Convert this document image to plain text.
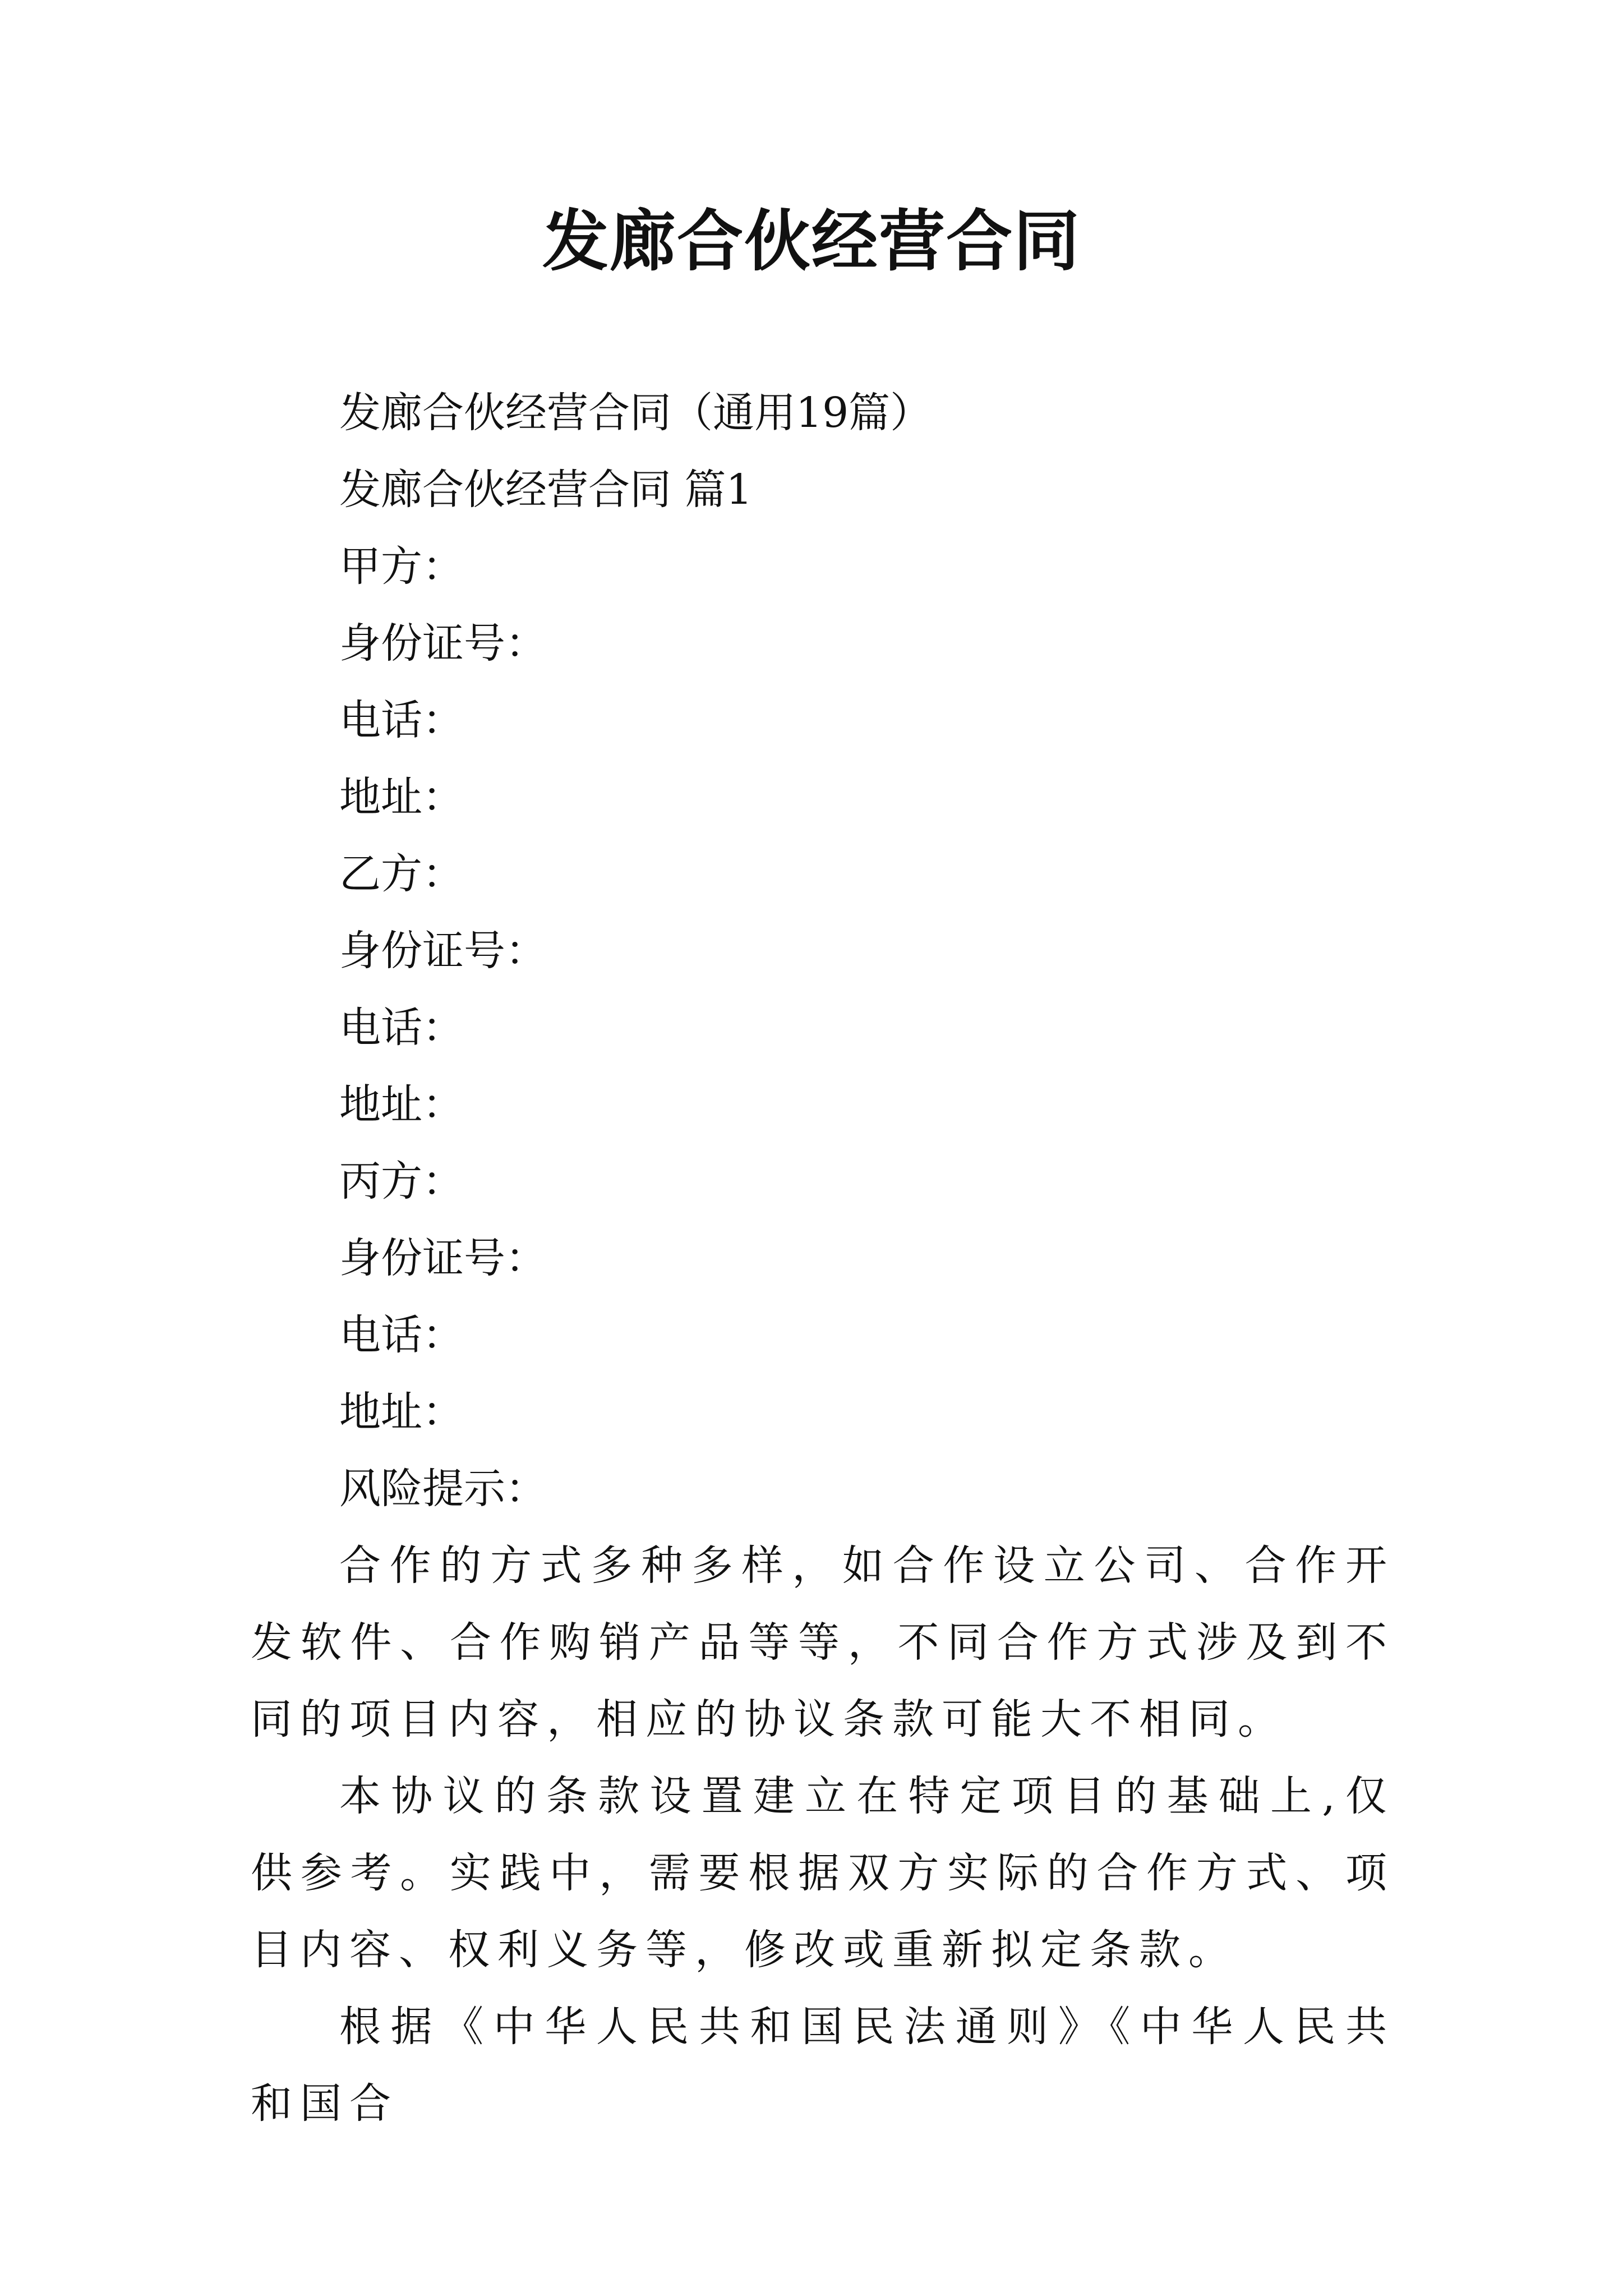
发廊合伙经营合同

发廊合伙经营合同（通用19篇）

发廊合伙经营合同 篇1

甲方：

身份证号：

电话：

地址：

乙方：

身份证号：

电话：

地址：

丙方：

身份证号：

电话：

地址：

风险提示：

合作的方式多种多样，如合作设立公司、合作开发软件、合作购销产品等等，不同合作方式涉及到不同的项目内容，相应的协议条款可能大不相同。

本协议的条款设置建立在特定项目的基础上,仅供参考。实践中，需要根据双方实际的合作方式、项目内容、权利义务等，修改或重新拟定条款。

根据《中华人民共和国民法通则》《中华人民共和国合
